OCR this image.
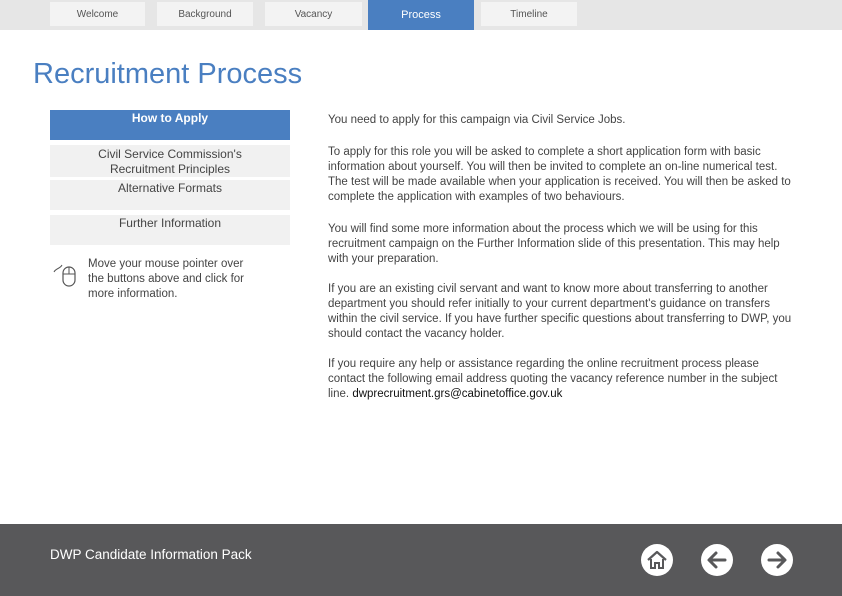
Welcome	Background	Vacancy	Process	Timeline
Recruitment Process
How to Apply
Civil Service Commission's Recruitment Principles
Alternative Formats
Further Information
Move your mouse pointer over the buttons above and click for more information.

You need to apply for this campaign via Civil Service Jobs.

To apply for this role you will be asked to complete a short application form with basic information about yourself. You will then be invited to complete an on-line numerical test. The test will be made available when your application is received. You will then be asked to complete the application with examples of two behaviours.

You will find some more information about the process which we will be using for this recruitment campaign on the Further Information slide of this presentation. This may help with your preparation.

If you are an existing civil servant and want to know more about transferring to another department you should refer initially to your current department's guidance on transfers within the civil service. If you have further specific questions about transferring to DWP, you should contact the vacancy holder.

If you require any help or assistance regarding the online recruitment process please contact the following email address quoting the vacancy reference number in the subject line. dwprecruitment.grs@cabinetoffice.gov.uk

DWP Candidate Information Pack
